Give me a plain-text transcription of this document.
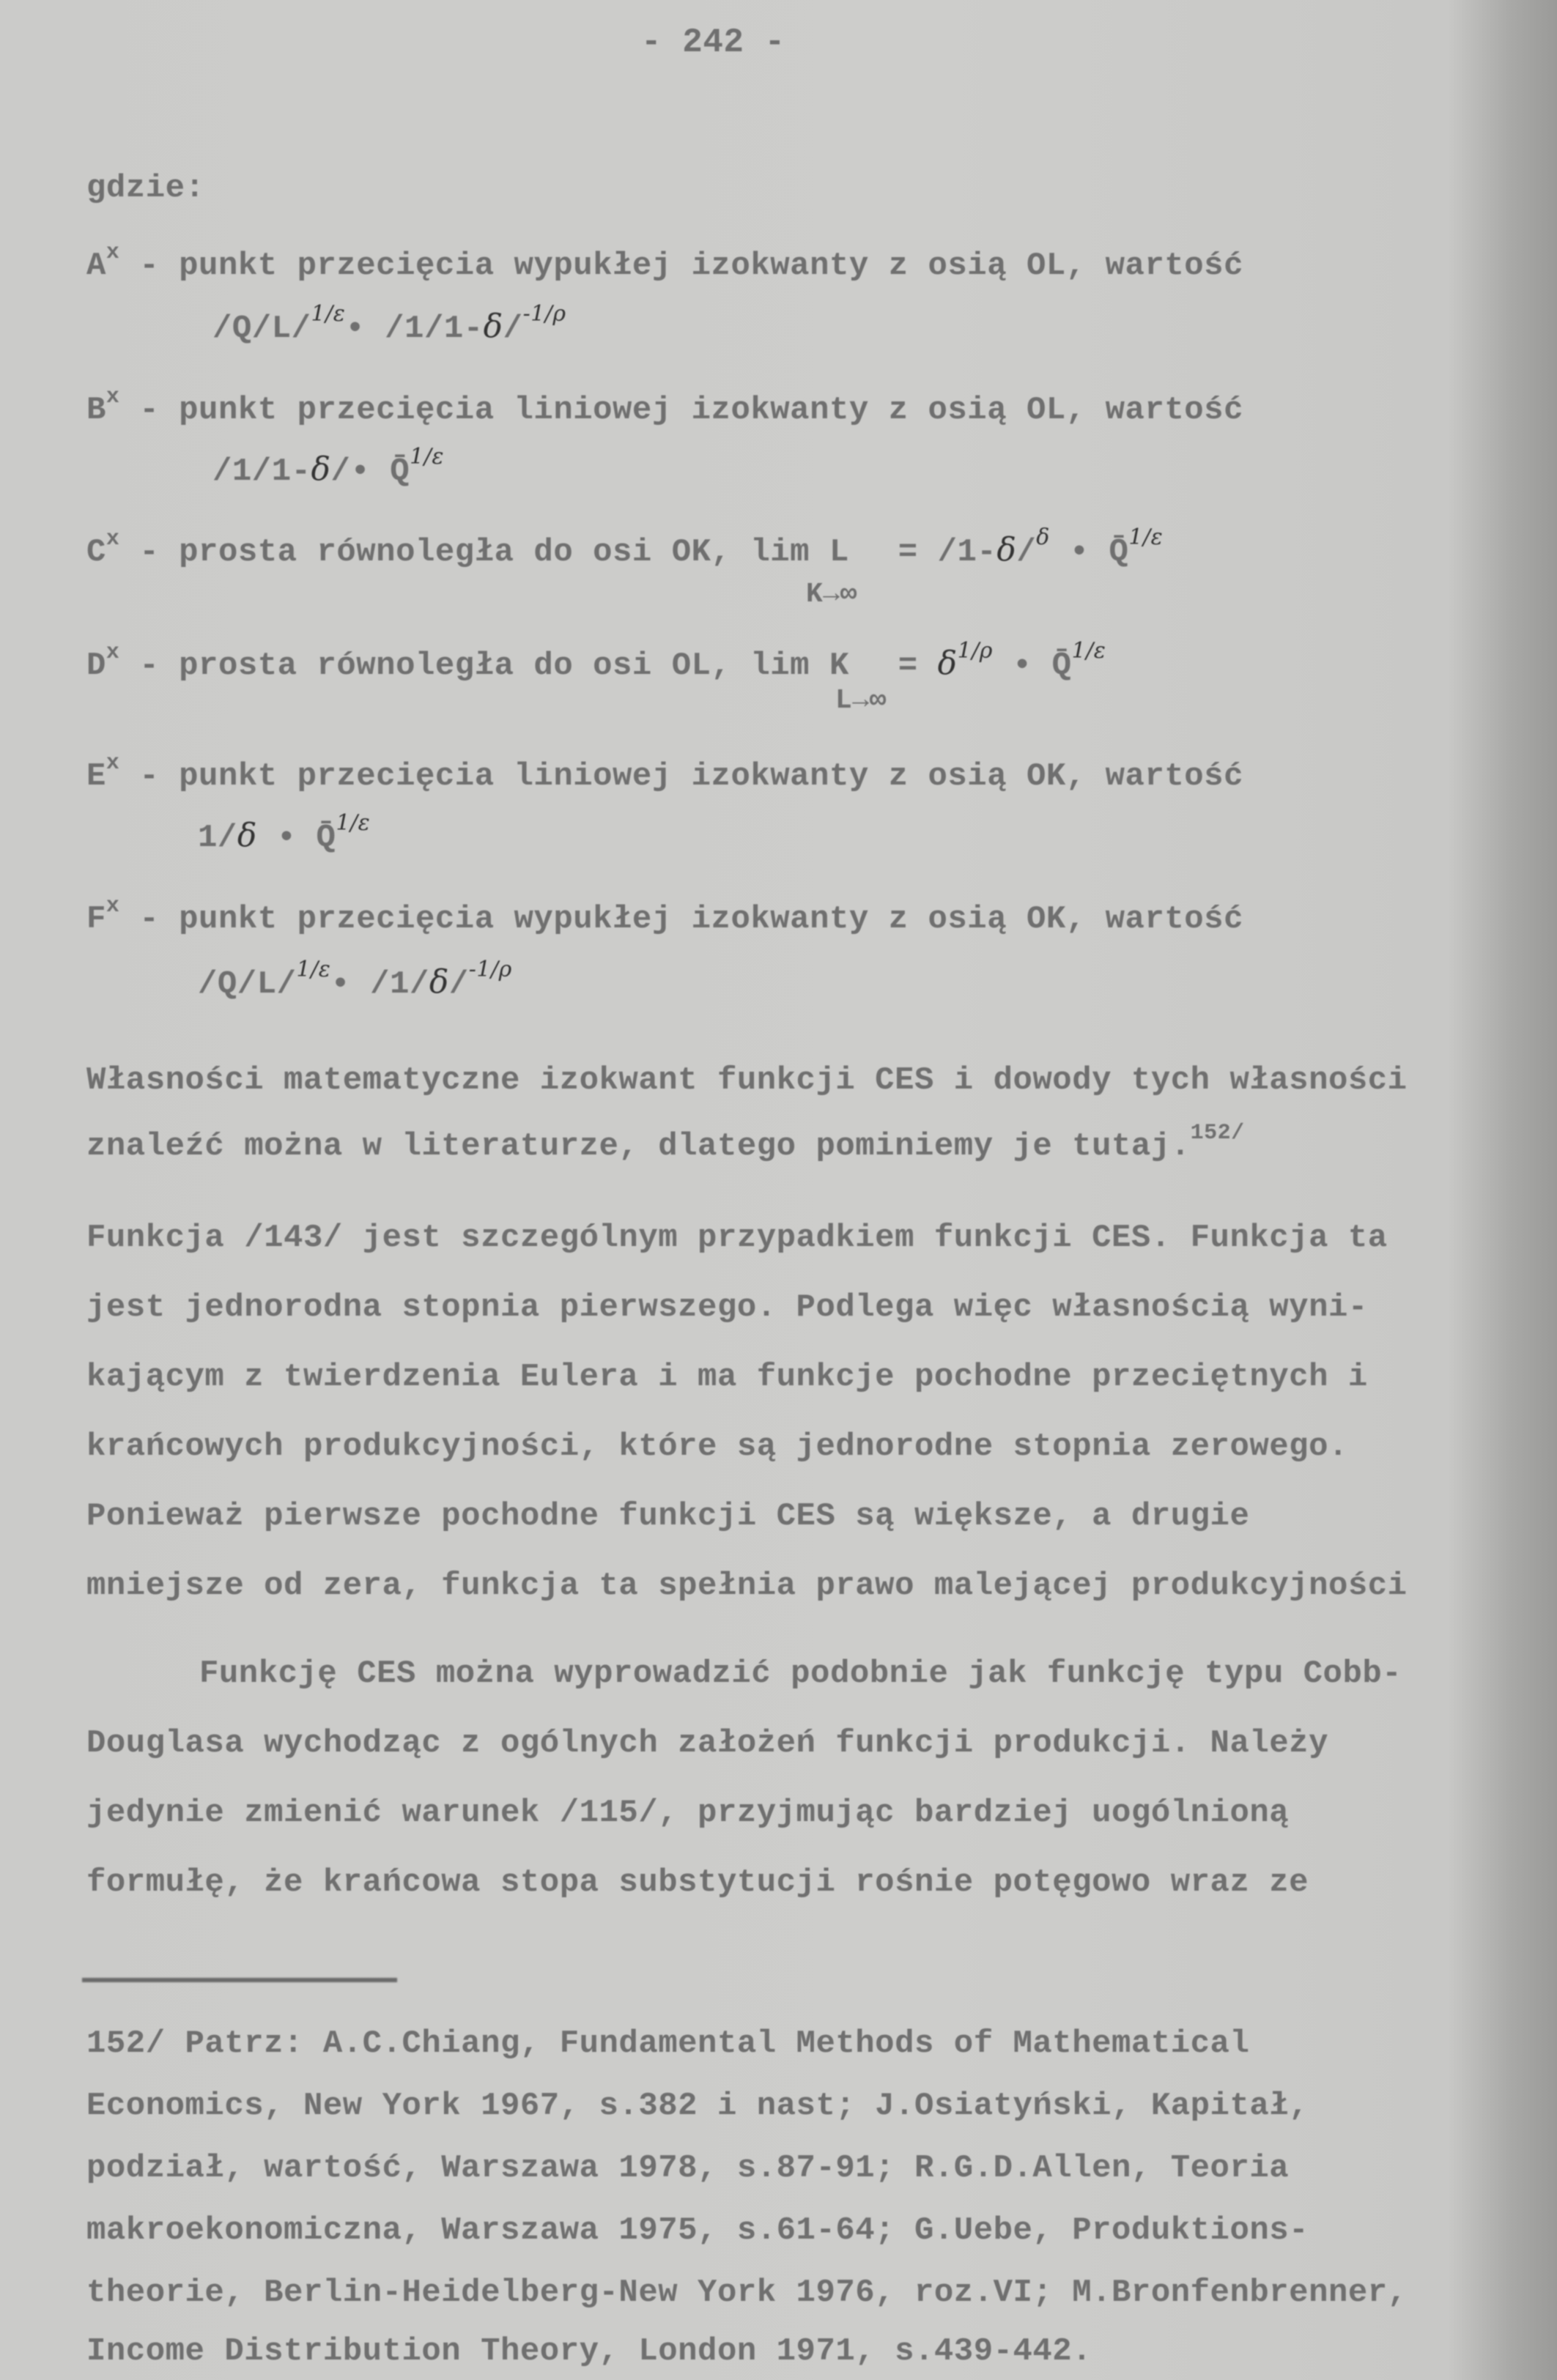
- 242 -
gdzie:
$A^x$ - punkt przecięcia wypukłej izokwanty z osią OL, wartość
/Q/L/$^{1/\varepsilon}$• /1/1-δ/$^{-1/\rho}$
$B^x$ - punkt przecięcia liniowej izokwanty z osią OL, wartość
/1/1-δ/• Q̄$^{1/\varepsilon}$
$C^x$ - prosta równoległa do osi OK, lim L = /1-δ/$^\delta$ • Q̄$^{1/\varepsilon}$
K→∞
$D^x$ - prosta równoległa do osi OL, $\lim K = \delta^{1/\rho}$ • Q̄$^{1/\varepsilon}$
L→∞
$E^x$ - punkt przecięcia liniowej izokwanty z osią OK, wartość
1/δ • Q̄$^{1/\varepsilon}$
$F^x$ - punkt przecięcia wypukłej izokwanty z osią OK, wartość
/Q/L/$^{1/\varepsilon}$• /1/δ/$^{-1/\rho}$
Własności matematyczne izokwant funkcji CES i dowody tych własności
znaleźć można w literaturze, dlatego pominiemy je tutaj.$^{152/}$
Funkcja /143/ jest szczególnym przypadkiem funkcji CES. Funkcja ta
jest jednorodna stopnia pierwszego. Podlega więc własnością wyni-
kającym z twierdzenia Eulera i ma funkcje pochodne przeciętnych i
krańcowych produkcyjności, które są jednorodne stopnia zerowego.
Ponieważ pierwsze pochodne funkcji CES są większe, a drugie
mniejsze od zera, funkcja ta spełnia prawo malejącej produkcyjności
Funkcję CES można wyprowadzić podobnie jak funkcję typu Cobb-
Douglasa wychodząc z ogólnych założeń funkcji produkcji. Należy
jedynie zmienić warunek /115/, przyjmując bardziej uogólnioną
formułę, że krańcowa stopa substytucji rośnie potęgowo wraz ze
152/ Patrz: A.C.Chiang, Fundamental Methods of Mathematical
Economics, New York 1967, s.382 i nast; J.Osiatyński, Kapitał,
podział, wartość, Warszawa 1978, s.87-91; R.G.D.Allen, Teoria
makroekonomiczna, Warszawa 1975, s.61-64; G.Uebe, Produktions-
theorie, Berlin-Heidelberg-New York 1976, roz.VI; M.Bronfenbrenner,
Income Distribution Theory, London 1971, s.439-442.
